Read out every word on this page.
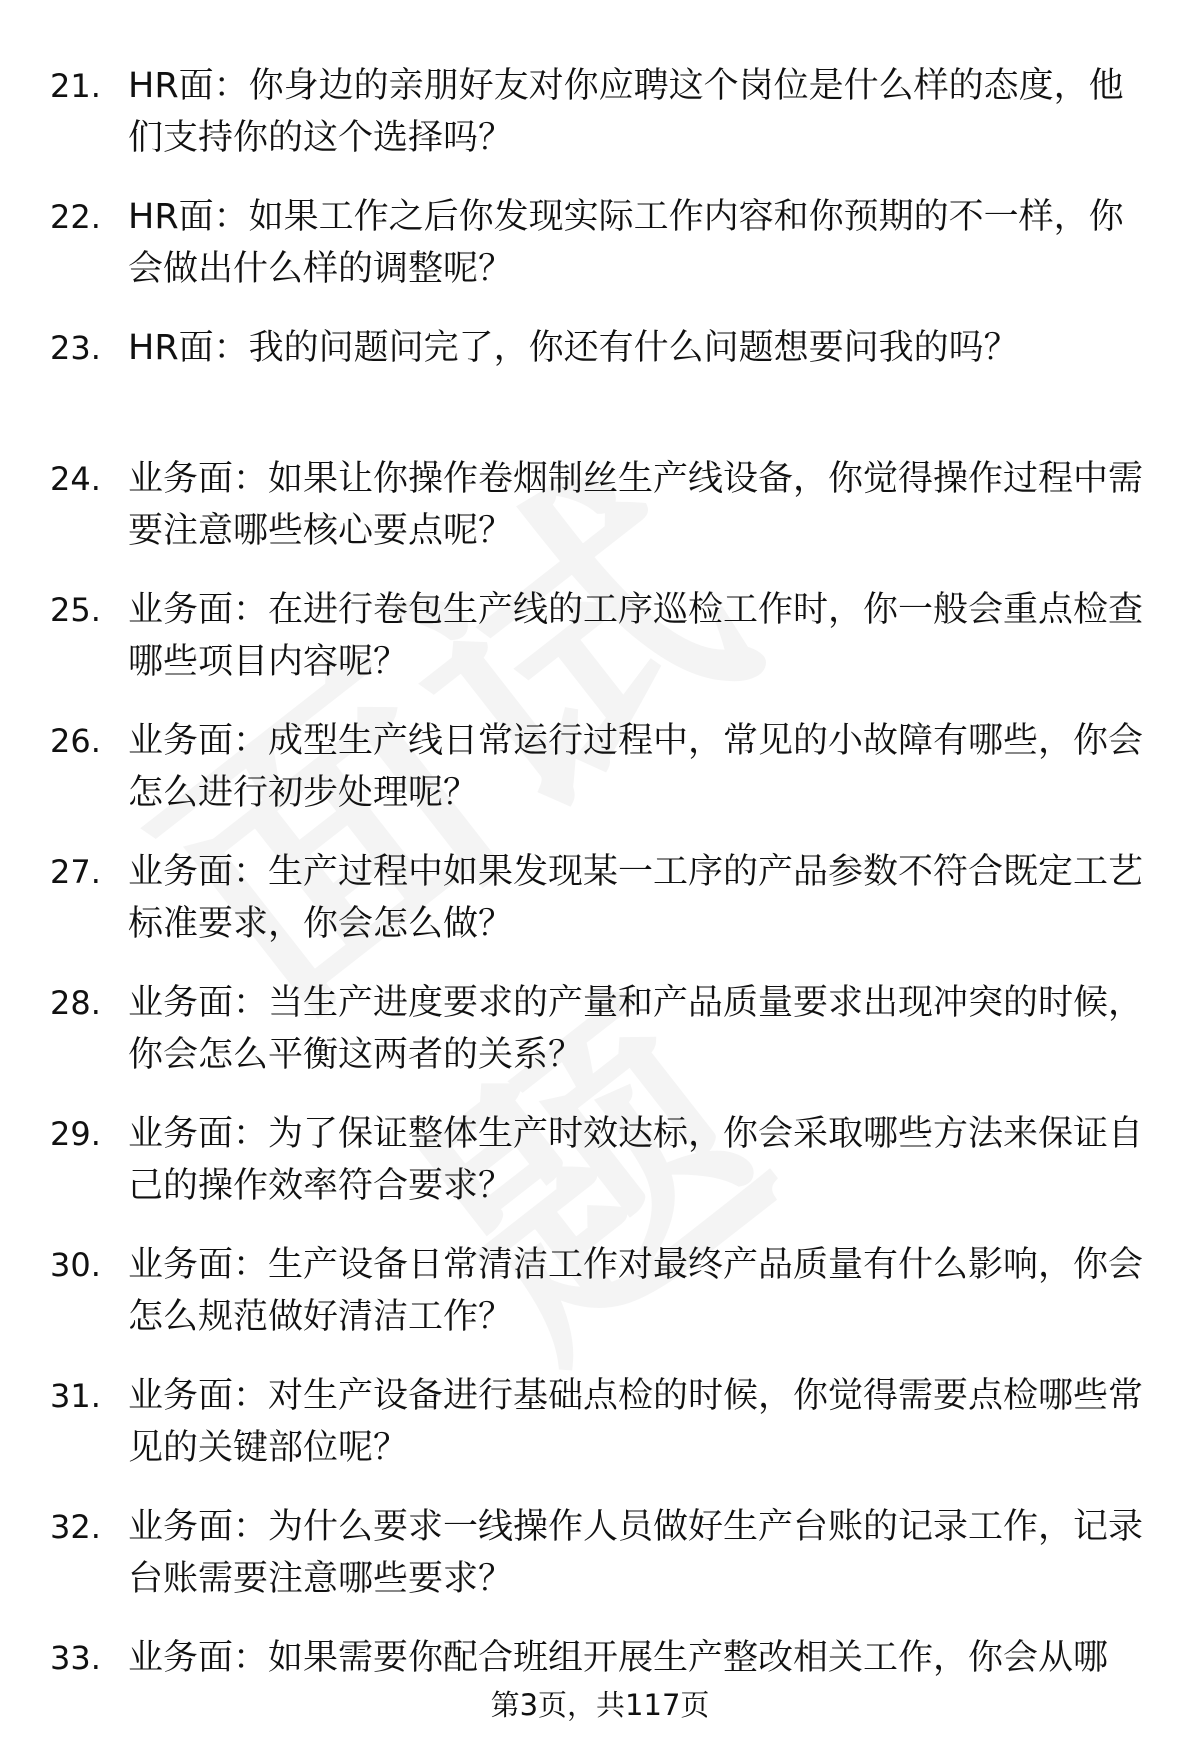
21. HR面：你身边的亲朋好友对你应聘这个岗位是什么样的态度，他们支持你的这个选择吗？
22. HR面：如果工作之后你发现实际工作内容和你预期的不一样，你会做出什么样的调整呢？
23. HR面：我的问题问完了，你还有什么问题想要问我的吗？
24. 业务面：如果让你操作卷烟制丝生产线设备，你觉得操作过程中需要注意哪些核心要点呢？
25. 业务面：在进行卷包生产线的工序巡检工作时，你一般会重点检查哪些项目内容呢？
26. 业务面：成型生产线日常运行过程中，常见的小故障有哪些，你会怎么进行初步处理呢？
27. 业务面：生产过程中如果发现某一工序的产品参数不符合既定工艺标准要求，你会怎么做？
28. 业务面：当生产进度要求的产量和产品质量要求出现冲突的时候，你会怎么平衡这两者的关系？
29. 业务面：为了保证整体生产时效达标，你会采取哪些方法来保证自己的操作效率符合要求？
30. 业务面：生产设备日常清洁工作对最终产品质量有什么影响，你会怎么规范做好清洁工作？
31. 业务面：对生产设备进行基础点检的时候，你觉得需要点检哪些常见的关键部位呢？
32. 业务面：为什么要求一线操作人员做好生产台账的记录工作，记录台账需要注意哪些要求？
33. 业务面：如果需要你配合班组开展生产整改相关工作，你会从哪
第3页，共117页
